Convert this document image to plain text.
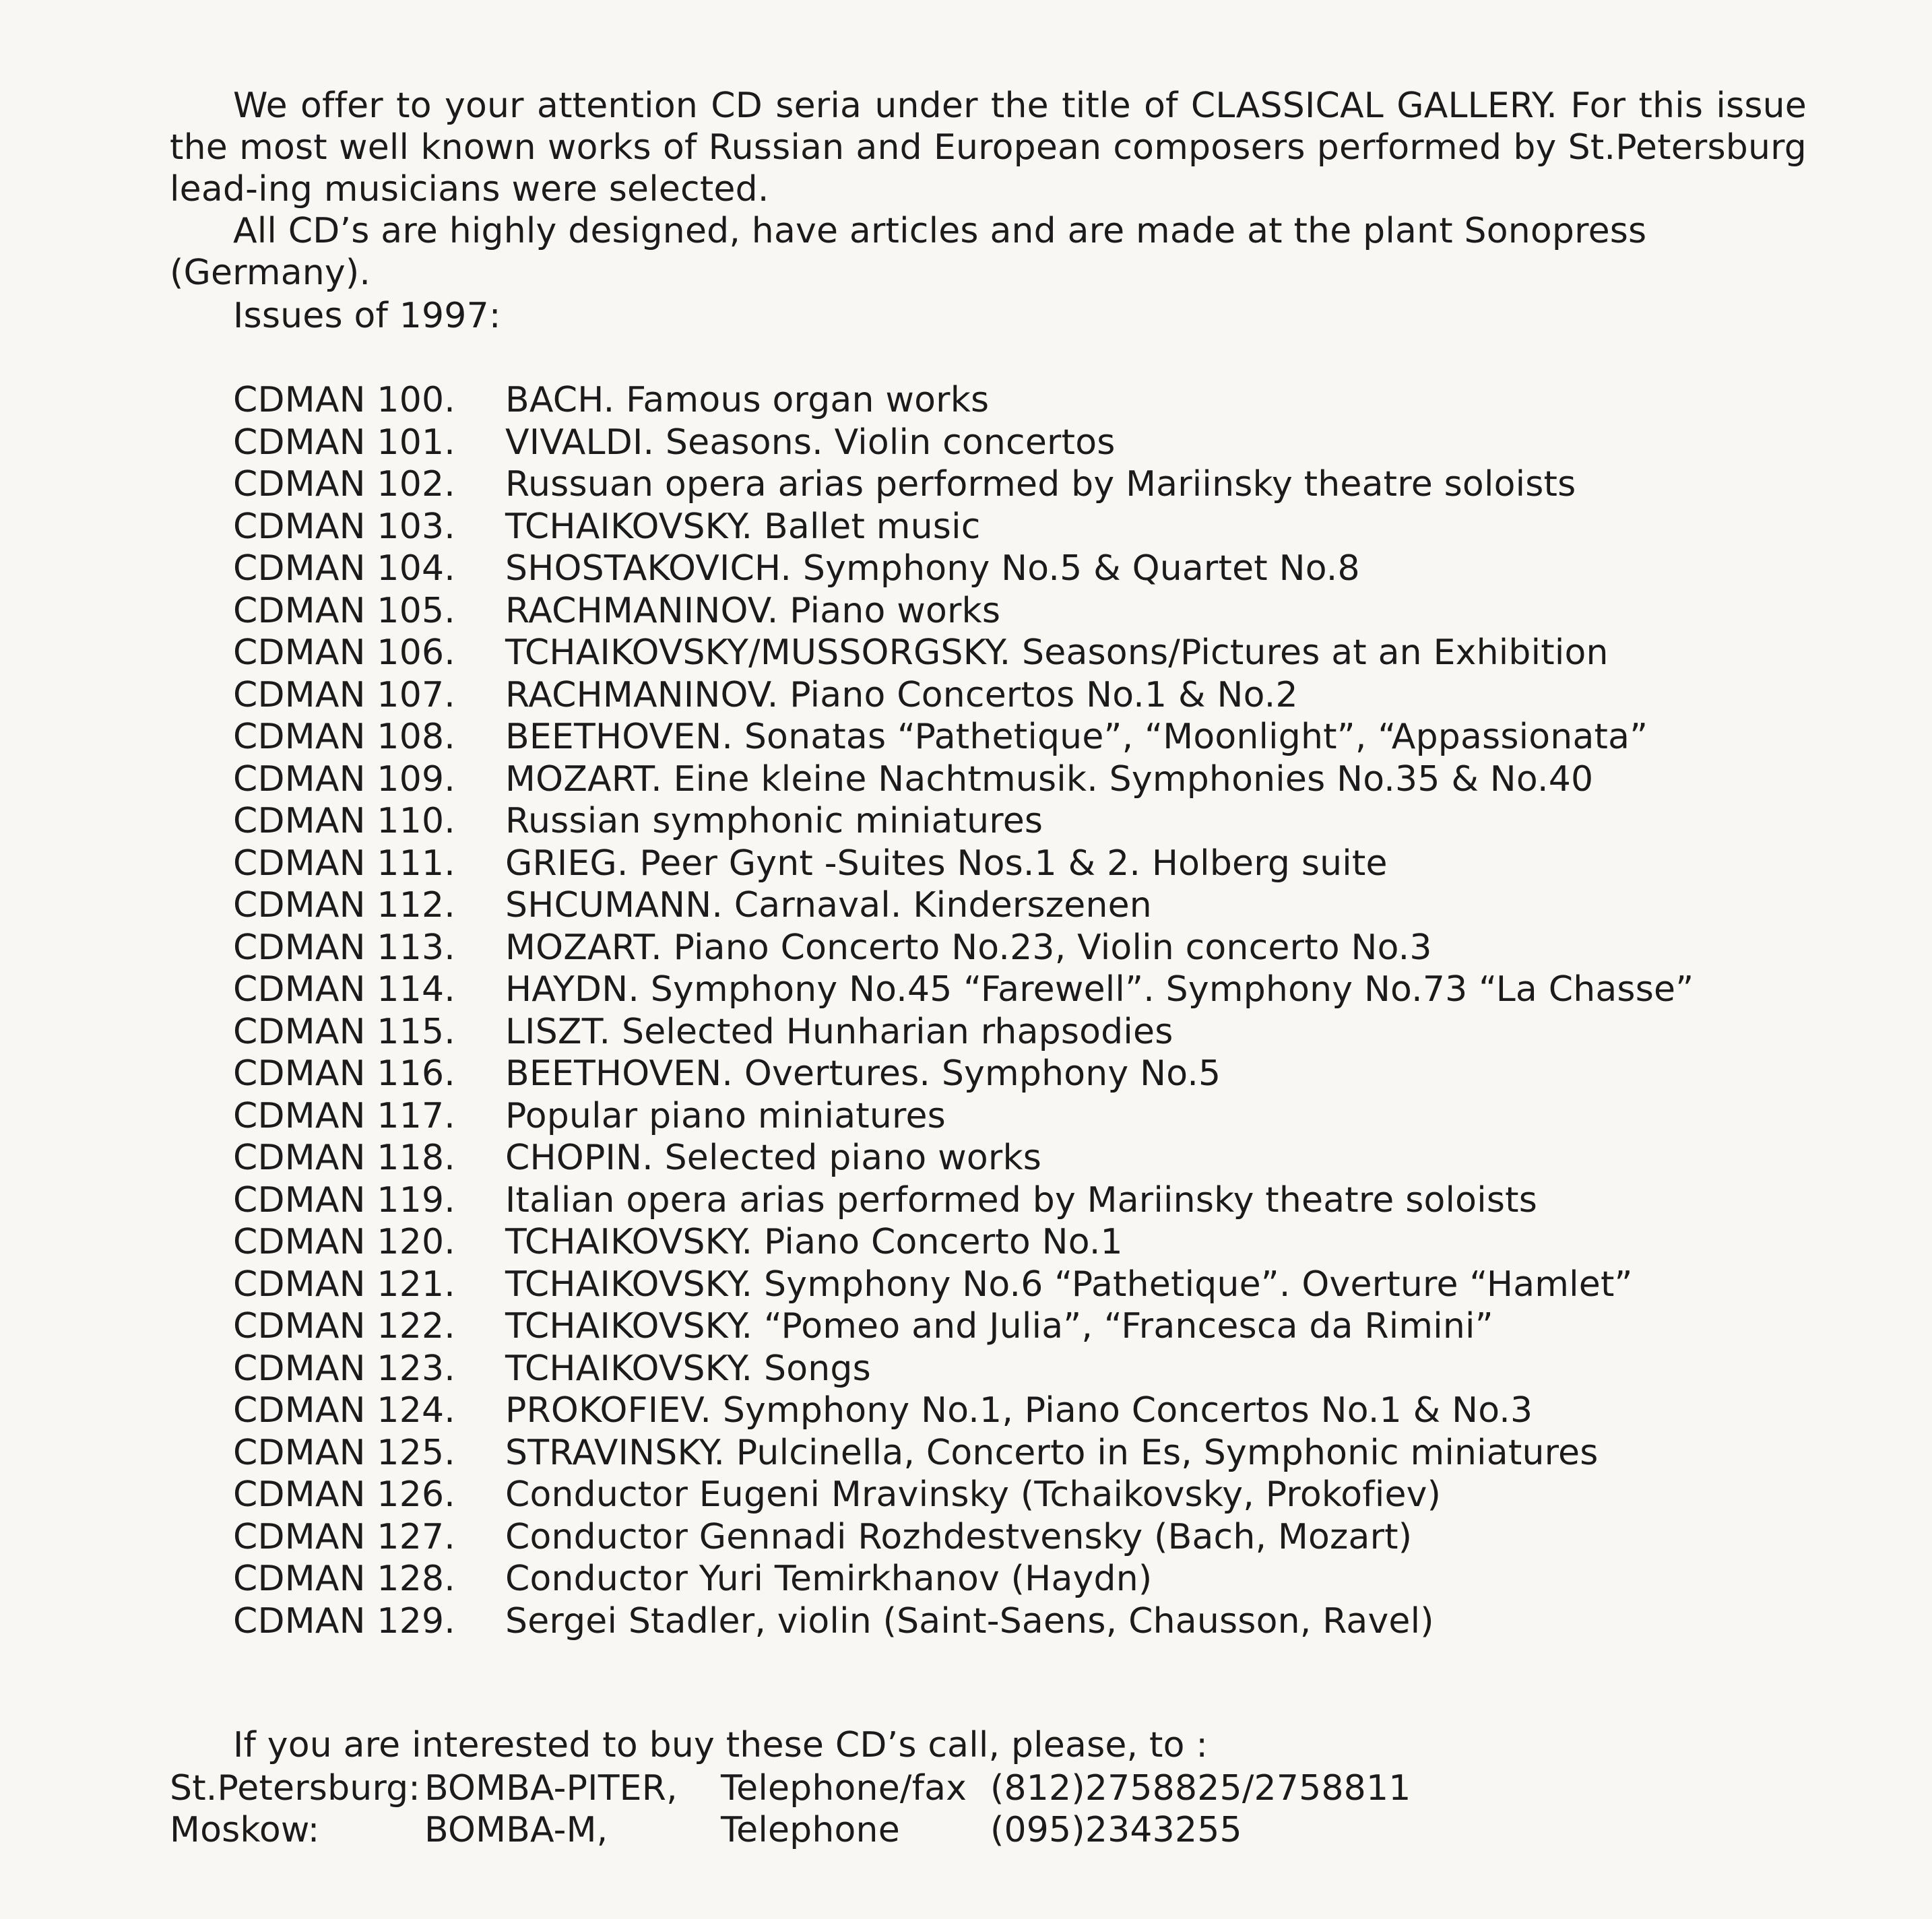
We offer to your attention CD seria under the title of CLASSICAL GALLERY. For this issue the most well known works of Russian and European composers performed by St.Petersburg lead-ing musicians were selected.

All CD’s are highly designed, have articles and are made at the plant Sonopress (Germany).

Issues of 1997:

CDMAN 100.	BACH. Famous organ works
CDMAN 101.	VIVALDI. Seasons. Violin concertos
CDMAN 102.	Russuan opera arias performed by Mariinsky theatre soloists
CDMAN 103.	TCHAIKOVSKY. Ballet music
CDMAN 104.	SHOSTAKOVICH. Symphony No.5 & Quartet No.8
CDMAN 105.	RACHMANINOV. Piano works
CDMAN 106.	TCHAIKOVSKY/MUSSORGSKY. Seasons/Pictures at an Exhibition
CDMAN 107.	RACHMANINOV. Piano Concertos No.1 & No.2
CDMAN 108.	BEETHOVEN. Sonatas “Pathetique”, “Moonlight”, “Appassionata”
CDMAN 109.	MOZART. Eine kleine Nachtmusik. Symphonies No.35 & No.40
CDMAN 110.	Russian symphonic miniatures
CDMAN 111.	GRIEG. Peer Gynt -Suites Nos.1 & 2. Holberg suite
CDMAN 112.	SHCUMANN. Carnaval. Kinderszenen
CDMAN 113.	MOZART. Piano Concerto No.23, Violin concerto No.3
CDMAN 114.	HAYDN. Symphony No.45 “Farewell”. Symphony No.73 “La Chasse”
CDMAN 115.	LISZT. Selected Hunharian rhapsodies
CDMAN 116.	BEETHOVEN. Overtures. Symphony No.5
CDMAN 117.	Popular piano miniatures
CDMAN 118.	CHOPIN. Selected piano works
CDMAN 119.	Italian opera arias performed by Mariinsky theatre soloists
CDMAN 120.	TCHAIKOVSKY. Piano Concerto No.1
CDMAN 121.	TCHAIKOVSKY. Symphony No.6 “Pathetique”. Overture “Hamlet”
CDMAN 122.	TCHAIKOVSKY. “Pomeo and Julia”, “Francesca da Rimini”
CDMAN 123.	TCHAIKOVSKY. Songs
CDMAN 124.	PROKOFIEV. Symphony No.1, Piano Concertos No.1 & No.3
CDMAN 125.	STRAVINSKY. Pulcinella, Concerto in Es, Symphonic miniatures
CDMAN 126.	Conductor Eugeni Mravinsky (Tchaikovsky, Prokofiev)
CDMAN 127.	Conductor Gennadi Rozhdestvensky (Bach, Mozart)
CDMAN 128.	Conductor Yuri Temirkhanov (Haydn)
CDMAN 129.	Sergei Stadler, violin (Saint-Saens, Chausson, Ravel)

If you are interested to buy these CD’s call, please, to :

St.Petersburg: BOMBA-PITER, Telephone/fax (812)2758825/2758811
Moskow:	BOMBA-M,	Telephone	(095)2343255
